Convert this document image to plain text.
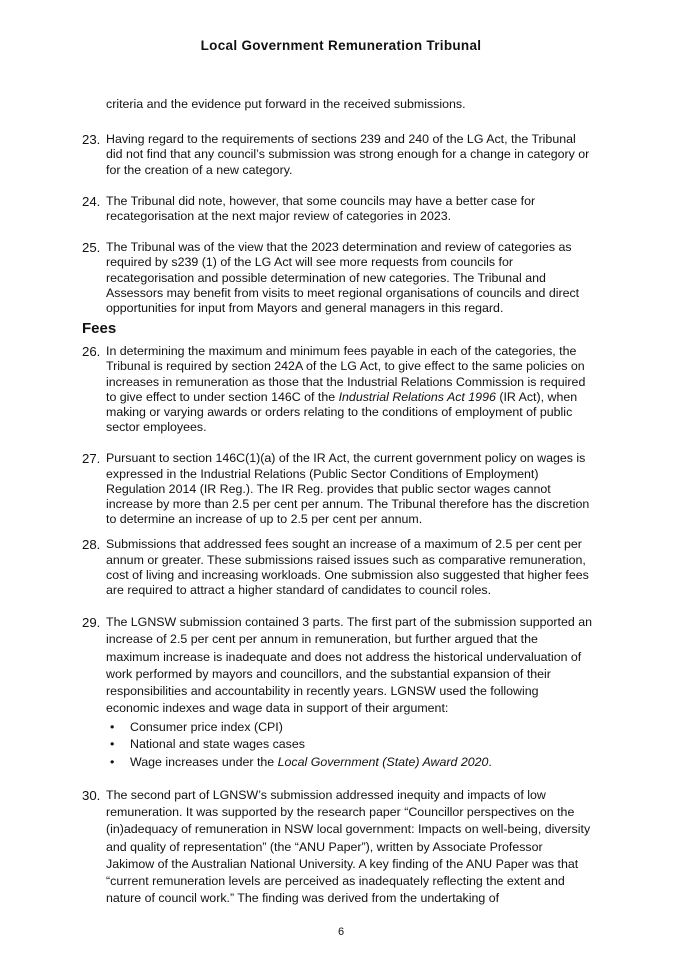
Local Government Remuneration Tribunal

criteria and the evidence put forward in the received submissions.

23. Having regard to the requirements of sections 239 and 240 of the LG Act, the Tribunal did not find that any council’s submission was strong enough for a change in category or for the creation of a new category.
24. The Tribunal did note, however, that some councils may have a better case for recategorisation at the next major review of categories in 2023.
25. The Tribunal was of the view that the 2023 determination and review of categories as required by s239 (1) of the LG Act will see more requests from councils for recategorisation and possible determination of new categories. The Tribunal and Assessors may benefit from visits to meet regional organisations of councils and direct opportunities for input from Mayors and general managers in this regard.
Fees
26. In determining the maximum and minimum fees payable in each of the categories, the Tribunal is required by section 242A of the LG Act, to give effect to the same policies on increases in remuneration as those that the Industrial Relations Commission is required to give effect to under section 146C of the Industrial Relations Act 1996 (IR Act), when making or varying awards or orders relating to the conditions of employment of public sector employees.
27. Pursuant to section 146C(1)(a) of the IR Act, the current government policy on wages is expressed in the Industrial Relations (Public Sector Conditions of Employment) Regulation 2014 (IR Reg.). The IR Reg. provides that public sector wages cannot increase by more than 2.5 per cent per annum. The Tribunal therefore has the discretion to determine an increase of up to 2.5 per cent per annum.
28. Submissions that addressed fees sought an increase of a maximum of 2.5 per cent per annum or greater. These submissions raised issues such as comparative remuneration, cost of living and increasing workloads. One submission also suggested that higher fees are required to attract a higher standard of candidates to council roles.
29. The LGNSW submission contained 3 parts. The first part of the submission supported an increase of 2.5 per cent per annum in remuneration, but further argued that the maximum increase is inadequate and does not address the historical undervaluation of work performed by mayors and councillors, and the substantial expansion of their responsibilities and accountability in recently years. LGNSW used the following economic indexes and wage data in support of their argument:
• Consumer price index (CPI)
• National and state wages cases
• Wage increases under the Local Government (State) Award 2020.
30. The second part of LGNSW’s submission addressed inequity and impacts of low remuneration. It was supported by the research paper “Councillor perspectives on the (in)adequacy of remuneration in NSW local government: Impacts on well-being, diversity and quality of representation” (the “ANU Paper”), written by Associate Professor Jakimow of the Australian National University. A key finding of the ANU Paper was that “current remuneration levels are perceived as inadequately reflecting the extent and nature of council work.” The finding was derived from the undertaking of
6
